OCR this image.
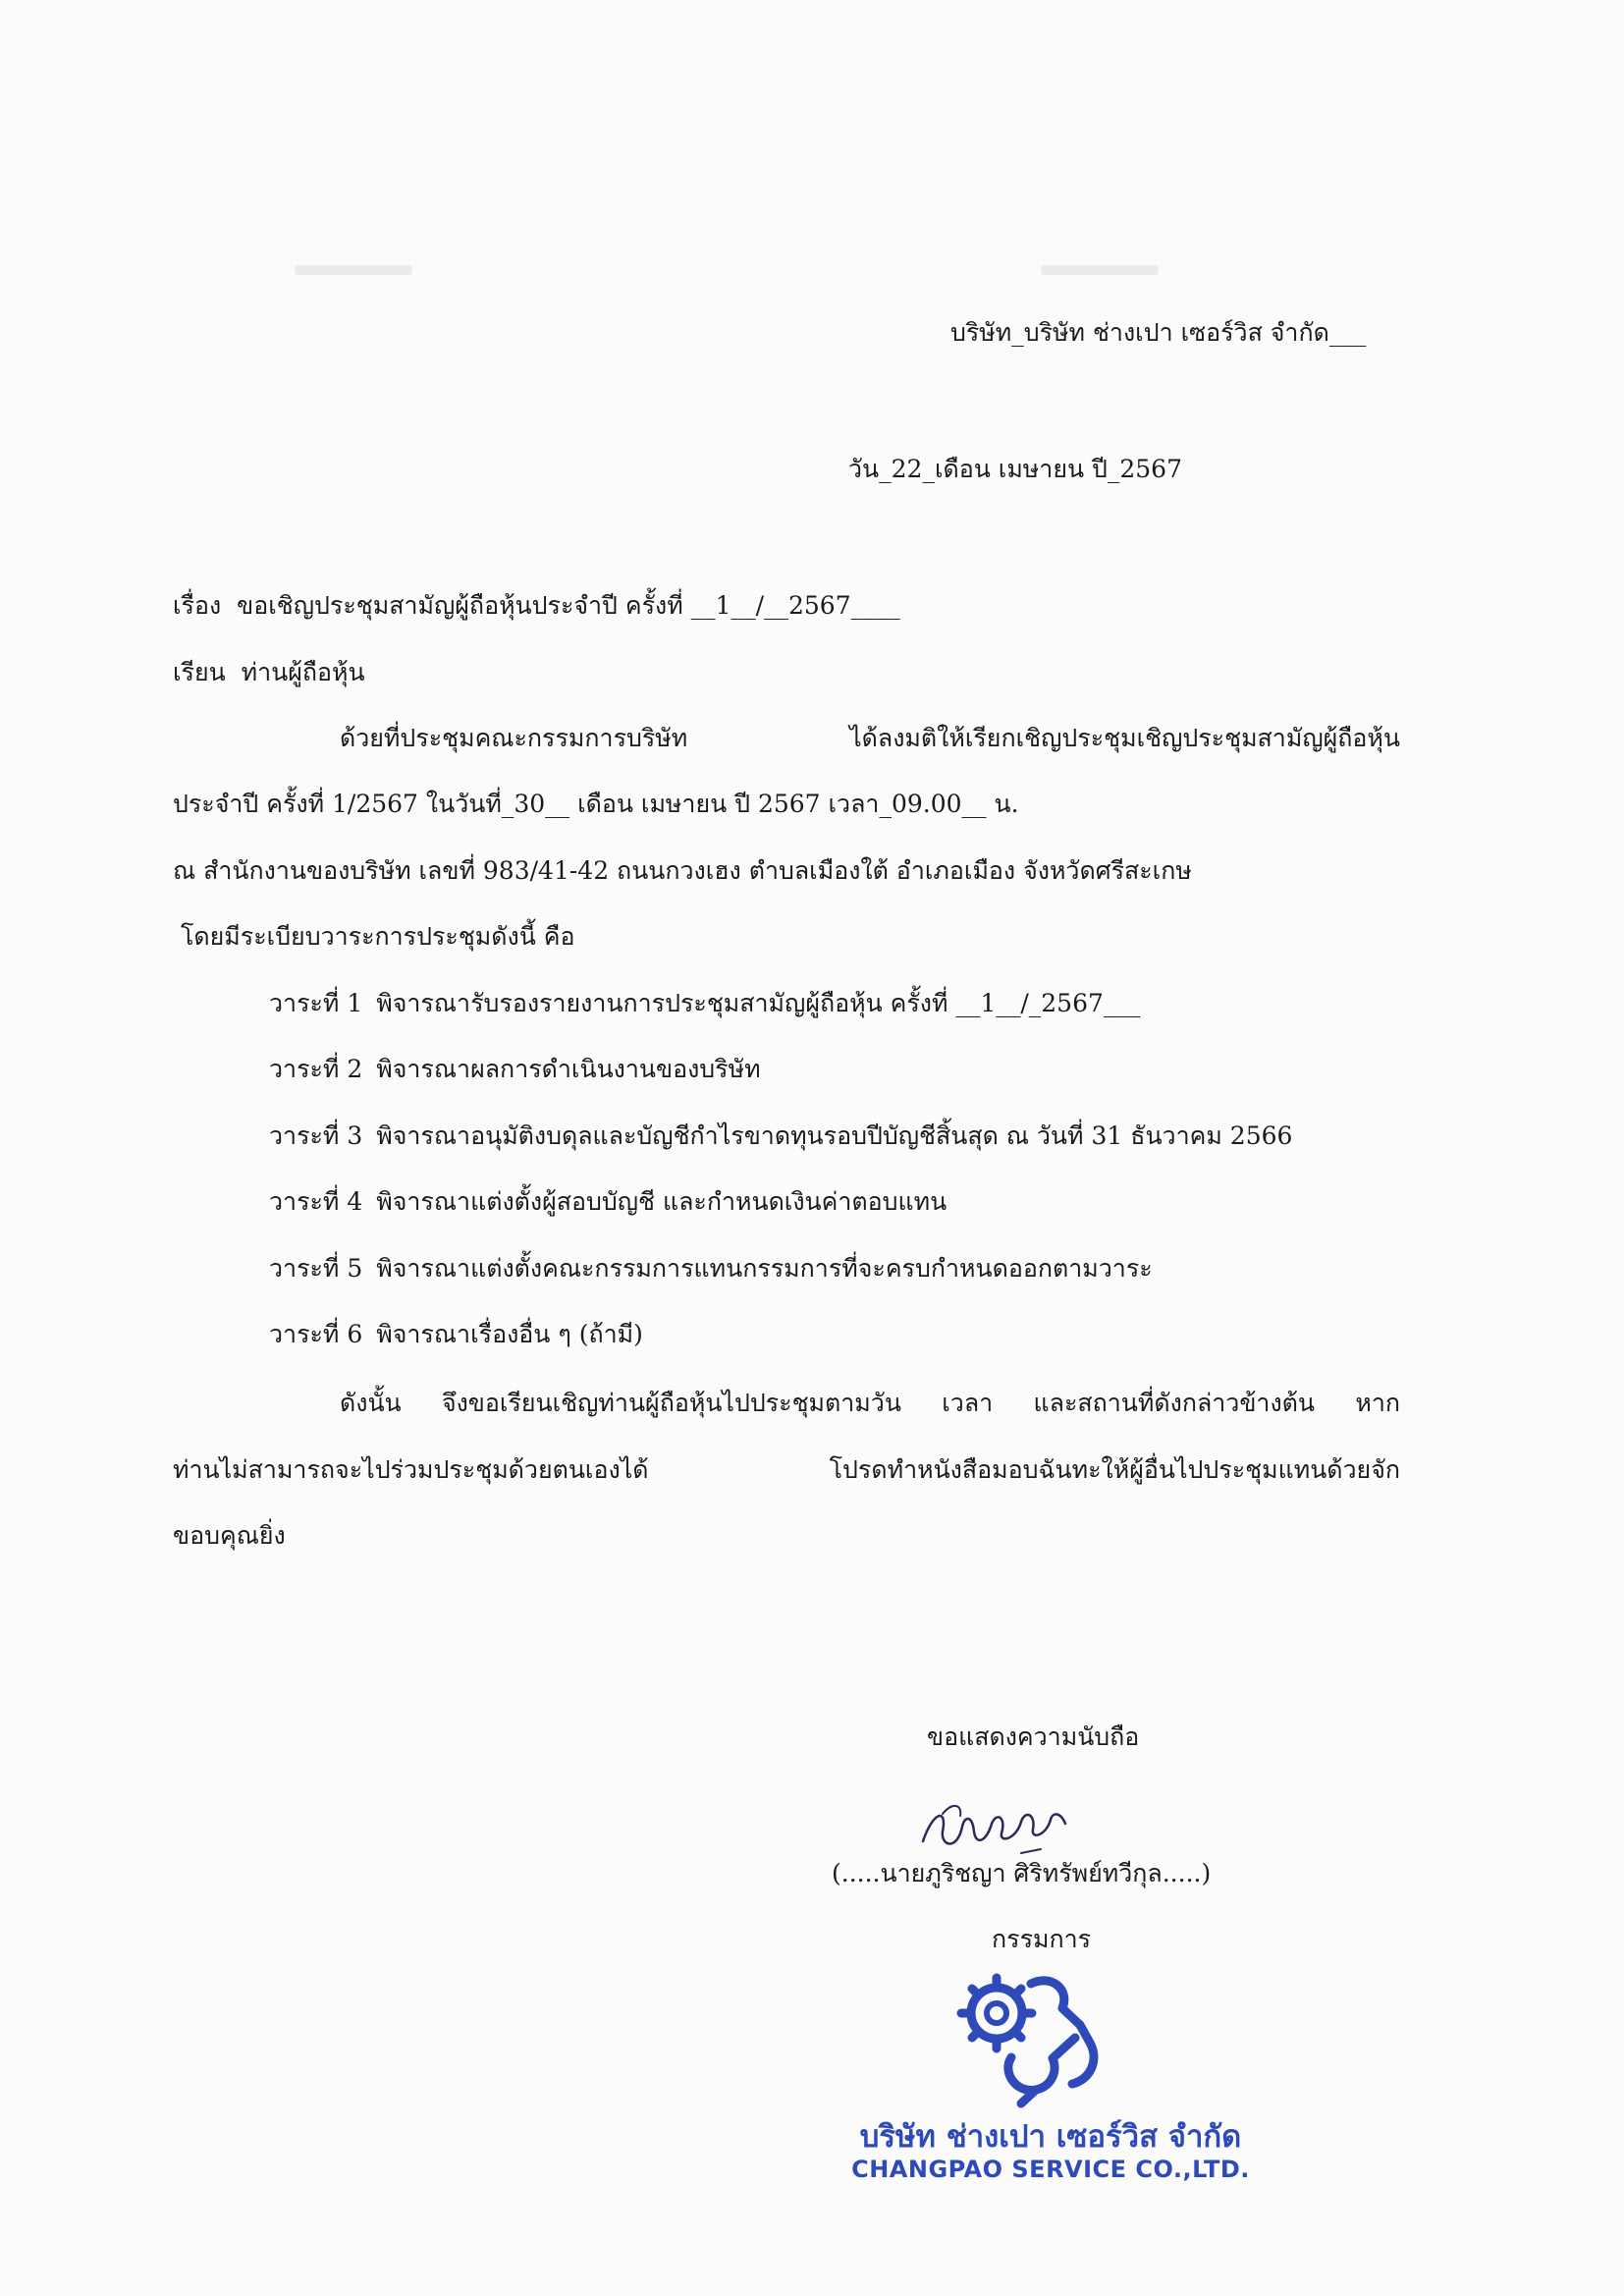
บริษัท_บริษัท ช่างเปา เซอร์วิส จำกัด___
วัน_22_เดือน เมษายน ปี_2567
เรื่อง ขอเชิญประชุมสามัญผู้ถือหุ้นประจำปี ครั้งที่ __1__/__2567____
เรียน ท่านผู้ถือหุ้น
ด้วยที่ประชุมคณะกรรมการบริษัท ได้ลงมติให้เรียกเชิญประชุมเชิญประชุมสามัญผู้ถือหุ้น
ประจำปี ครั้งที่ 1/2567 ในวันที่_30__ เดือน เมษายน ปี 2567 เวลา_09.00__ น.
ณ สำนักงานของบริษัท เลขที่ 983/41-42 ถนนกวงเฮง ตำบลเมืองใต้ อำเภอเมือง จังหวัดศรีสะเกษ
โดยมีระเบียบวาระการประชุมดังนี้ คือ
วาระที่ 1 พิจารณารับรองรายงานการประชุมสามัญผู้ถือหุ้น ครั้งที่ __1__/_2567___
วาระที่ 2 พิจารณาผลการดำเนินงานของบริษัท
วาระที่ 3 พิจารณาอนุมัติงบดุลและบัญชีกำไรขาดทุนรอบปีบัญชีสิ้นสุด ณ วันที่ 31 ธันวาคม 2566
วาระที่ 4 พิจารณาแต่งตั้งผู้สอบบัญชี และกำหนดเงินค่าตอบแทน
วาระที่ 5 พิจารณาแต่งตั้งคณะกรรมการแทนกรรมการที่จะครบกำหนดออกตามวาระ
วาระที่ 6 พิจารณาเรื่องอื่น ๆ (ถ้ามี)
ดังนั้น จึงขอเรียนเชิญท่านผู้ถือหุ้นไปประชุมตามวัน เวลา และสถานที่ดังกล่าวข้างต้น หาก
ท่านไม่สามารถจะไปร่วมประชุมด้วยตนเองได้ โปรดทำหนังสือมอบฉันทะให้ผู้อื่นไปประชุมแทนด้วยจัก
ขอบคุณยิ่ง
ขอแสดงความนับถือ
(.....นายภูริชญา ศิริทรัพย์ทวีกุล.....)
กรรมการ
บริษัท ช่างเปา เซอร์วิส จำกัด
CHANGPAO SERVICE CO.,LTD.
